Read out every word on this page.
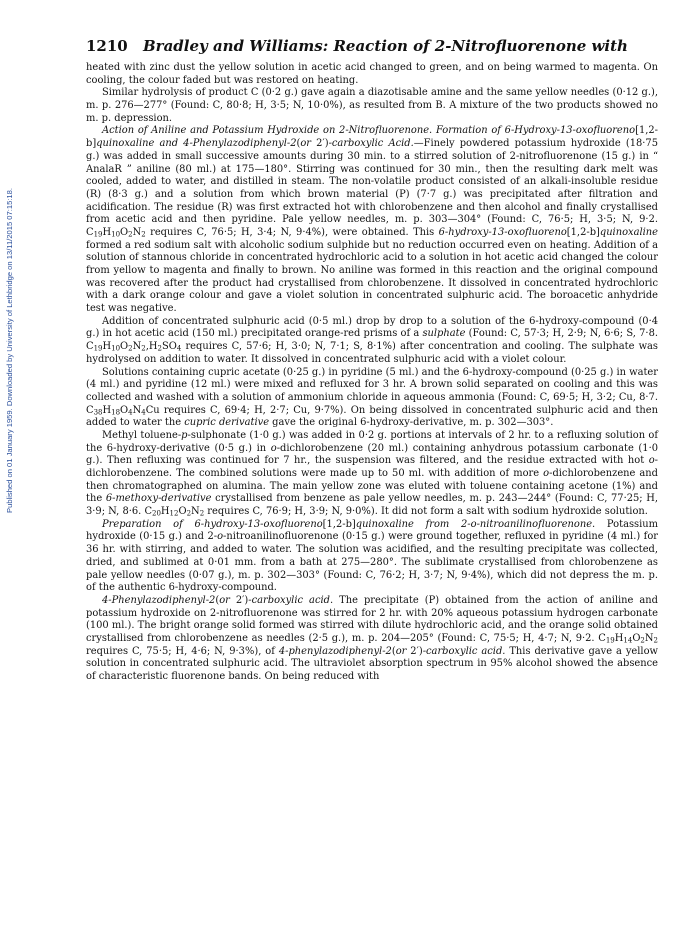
Published on 01 January 1959. Downloaded by University of Lethbridge on 13/11/2015 07:15:18.
1210 Bradley and Williams: Reaction of 2-Nitrofluorenone with

heated with zinc dust the yellow solution in acetic acid changed to green, and on being warmed to magenta. On cooling, the colour faded but was restored on heating.

Similar hydrolysis of product C (0·2 g.) gave again a diazotisable amine and the same yellow needles (0·12 g.), m. p. 276—277° (Found: C, 80·8; H, 3·5; N, 10·0%), as resulted from B. A mixture of the two products showed no m. p. depression.

Action of Aniline and Potassium Hydroxide on 2-Nitrofluorenone. Formation of 6-Hydroxy-13-oxofluoreno[1,2-b]quinoxaline and 4-Phenylazodiphenyl-2(or 2′)-carboxylic Acid.—Finely powdered potassium hydroxide (18·75 g.) was added in small successive amounts during 30 min. to a stirred solution of 2-nitrofluorenone (15 g.) in “ AnalaR ” aniline (80 ml.) at 175—180°. Stirring was continued for 30 min., then the resulting dark melt was cooled, added to water, and distilled in steam. The non-volatile product consisted of an alkali-insoluble residue (R) (8·3 g.) and a solution from which brown material (P) (7·7 g.) was precipitated after filtration and acidification. The residue (R) was first extracted hot with chlorobenzene and then alcohol and finally crystallised from acetic acid and then pyridine. Pale yellow needles, m. p. 303—304° (Found: C, 76·5; H, 3·5; N, 9·2. $C_{19}H_{10}O_2N_2$ requires C, 76·5; H, 3·4; N, 9·4%), were obtained. This 6-hydroxy-13-oxofluoreno[1,2-b]quinoxaline formed a red sodium salt with alcoholic sodium sulphide but no reduction occurred even on heating. Addition of a solution of stannous chloride in concentrated hydrochloric acid to a solution in hot acetic acid changed the colour from yellow to magenta and finally to brown. No aniline was formed in this reaction and the original compound was recovered after the product had crystallised from chlorobenzene. It dissolved in concentrated hydrochloric with a dark orange colour and gave a violet solution in concentrated sulphuric acid. The boroacetic anhydride test was negative.

Addition of concentrated sulphuric acid (0·5 ml.) drop by drop to a solution of the 6-hydroxy-compound (0·4 g.) in hot acetic acid (150 ml.) precipitated orange-red prisms of a sulphate (Found: C, 57·3; H, 2·9; N, 6·6; S, 7·8. $C_{19}H_{10}O_2N_2,H_2SO_4$ requires C, 57·6; H, 3·0; N, 7·1; S, 8·1%) after concentration and cooling. The sulphate was hydrolysed on addition to water. It dissolved in concentrated sulphuric acid with a violet colour.

Solutions containing cupric acetate (0·25 g.) in pyridine (5 ml.) and the 6-hydroxy-compound (0·25 g.) in water (4 ml.) and pyridine (12 ml.) were mixed and refluxed for 3 hr. A brown solid separated on cooling and this was collected and washed with a solution of ammonium chloride in aqueous ammonia (Found: C, 69·5; H, 3·2; Cu, 8·7. $C_{38}H_{18}O_4N_4Cu$ requires C, 69·4; H, 2·7; Cu, 9·7%). On being dissolved in concentrated sulphuric acid and then added to water the cupric derivative gave the original 6-hydroxy-derivative, m. p. 302—303°.

Methyl toluene-p-sulphonate (1·0 g.) was added in 0·2 g. portions at intervals of 2 hr. to a refluxing solution of the 6-hydroxy-derivative (0·5 g.) in o-dichlorobenzene (20 ml.) containing anhydrous potassium carbonate (1·0 g.). Then refluxing was continued for 7 hr., the suspension was filtered, and the residue extracted with hot o-dichlorobenzene. The combined solutions were made up to 50 ml. with addition of more o-dichlorobenzene and then chromatographed on alumina. The main yellow zone was eluted with toluene containing acetone (1%) and the 6-methoxy-derivative crystallised from benzene as pale yellow needles, m. p. 243—244° (Found: C, 77·25; H, 3·9; N, 8·6. $C_{20}H_{12}O_2N_2$ requires C, 76·9; H, 3·9; N, 9·0%). It did not form a salt with sodium hydroxide solution.

Preparation of 6-hydroxy-13-oxofluoreno[1,2-b]quinoxaline from 2-o-nitroanilinofluorenone. Potassium hydroxide (0·15 g.) and 2-o-nitroanilinofluorenone (0·15 g.) were ground together, refluxed in pyridine (4 ml.) for 36 hr. with stirring, and added to water. The solution was acidified, and the resulting precipitate was collected, dried, and sublimed at 0·01 mm. from a bath at 275—280°. The sublimate crystallised from chlorobenzene as pale yellow needles (0·07 g.), m. p. 302—303° (Found: C, 76·2; H, 3·7; N, 9·4%), which did not depress the m. p. of the authentic 6-hydroxy-compound.

4-Phenylazodiphenyl-2(or 2′)-carboxylic acid. The precipitate (P) obtained from the action of aniline and potassium hydroxide on 2-nitrofluorenone was stirred for 2 hr. with 20% aqueous potassium hydrogen carbonate (100 ml.). The bright orange solid formed was stirred with dilute hydrochloric acid, and the orange solid obtained crystallised from chlorobenzene as needles (2·5 g.), m. p. 204—205° (Found: C, 75·5; H, 4·7; N, 9·2. $C_{19}H_{14}O_2N_2$ requires C, 75·5; H, 4·6; N, 9·3%), of 4-phenylazodiphenyl-2(or 2′)-carboxylic acid. This derivative gave a yellow solution in concentrated sulphuric acid. The ultraviolet absorption spectrum in 95% alcohol showed the absence of characteristic fluorenone bands. On being reduced with
